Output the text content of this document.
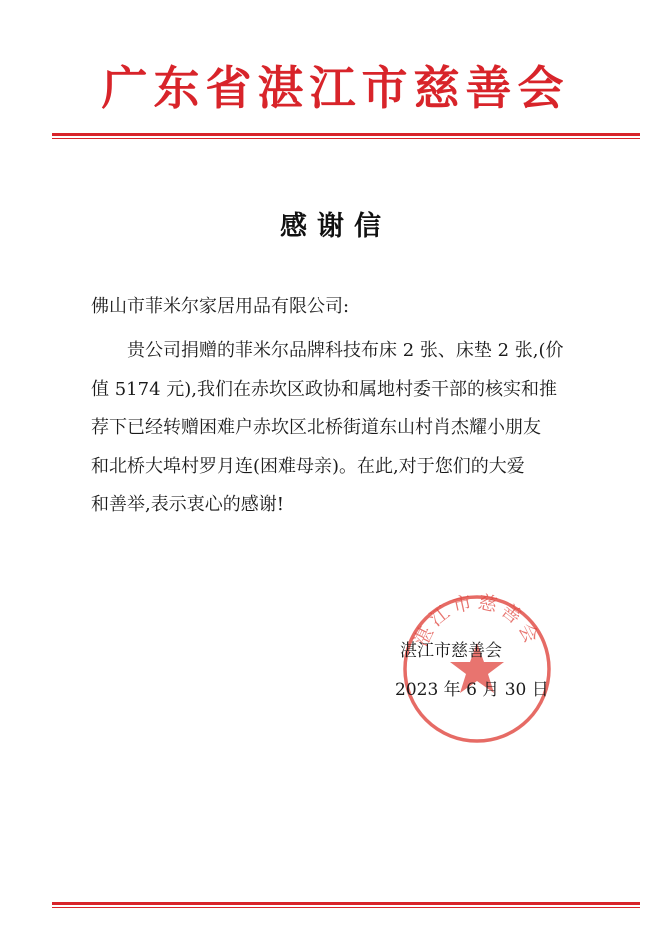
广东省湛江市慈善会
感谢信
佛山市菲米尔家居用品有限公司:
贵公司捐赠的菲米尔品牌科技布床 2 张、床垫 2 张,(价
值 5174 元),我们在赤坎区政协和属地村委干部的核实和推
荐下已经转赠困难户赤坎区北桥街道东山村肖杰耀小朋友
和北桥大埠村罗月连(困难母亲)。在此,对于您们的大爱
和善举,表示衷心的感谢!
湛江市慈善会
湛江市慈善会
2023 年 6 月 30 日
